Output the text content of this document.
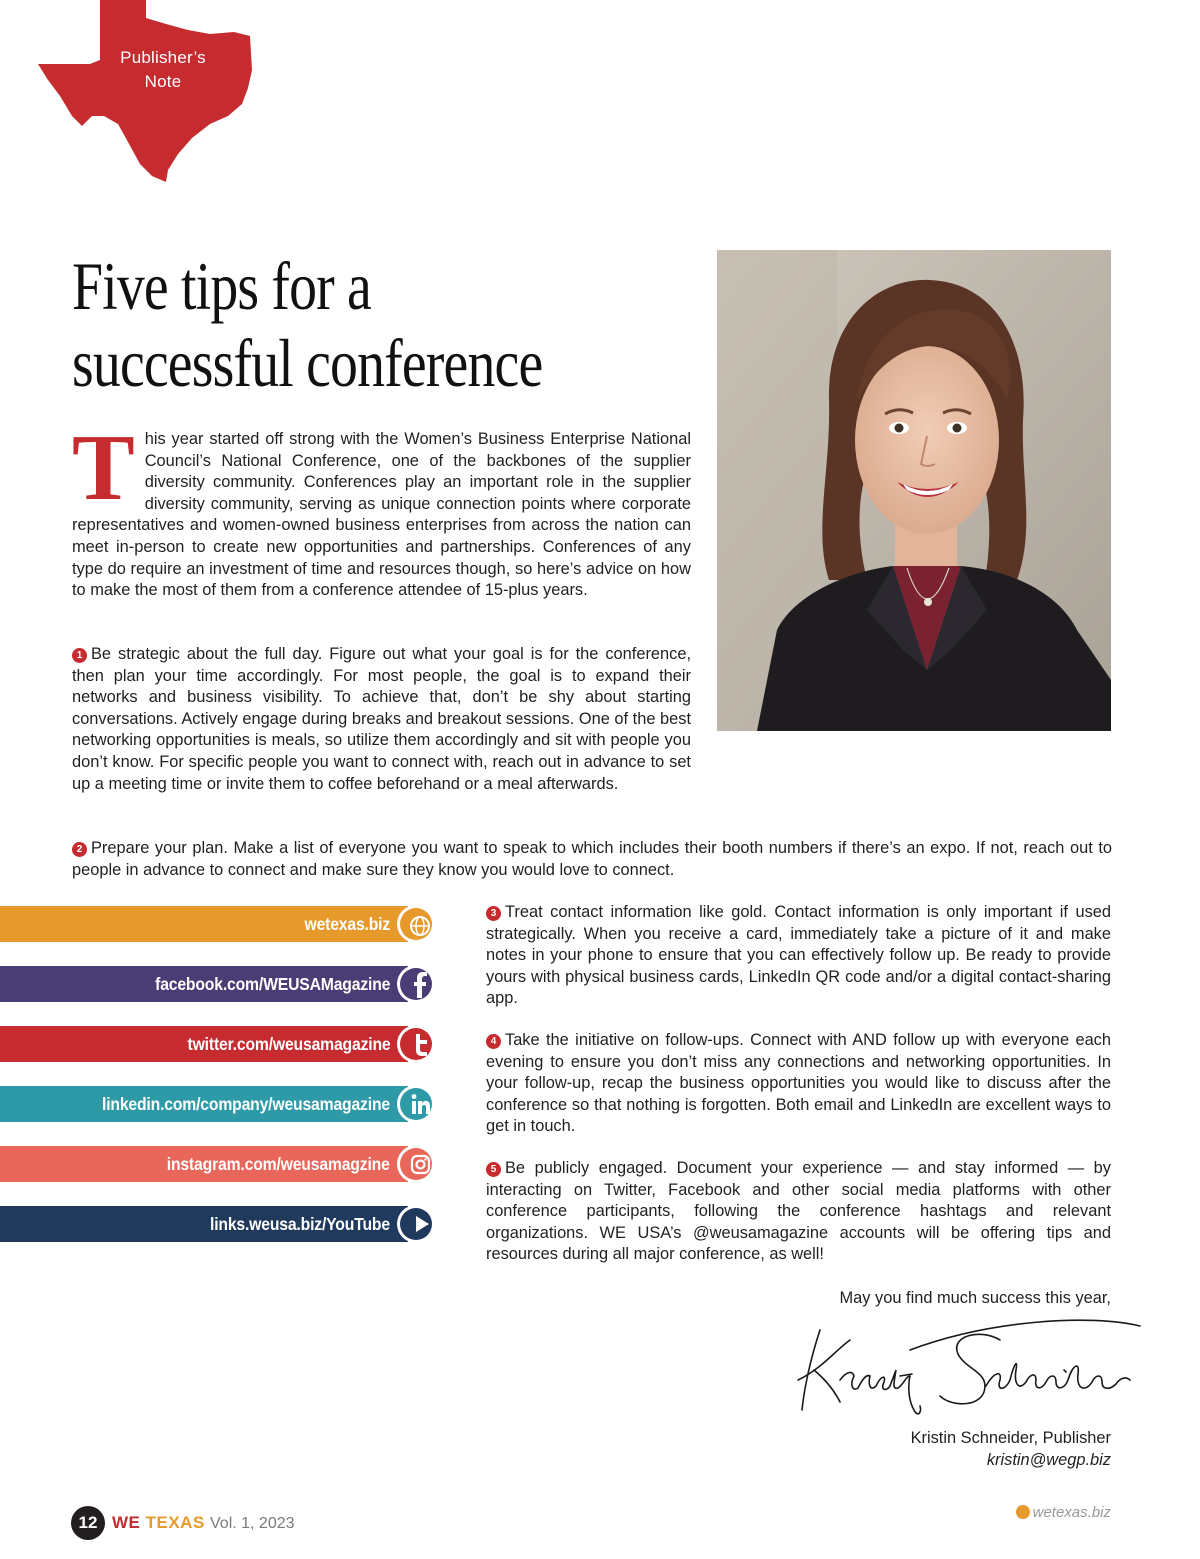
Publisher’s
Note
Five tips for a
successful conference
This year started off strong with the Women’s Business Enterprise National Council’s National Conference, one of the backbones of the supplier diversity community. Conferences play an important role in the supplier diversity community, serving as unique connection points where corporate representatives and women-owned business enterprises from across the nation can meet in-person to create new opportunities and partnerships. Conferences of any type do require an investment of time and resources though, so here’s advice on how to make the most of them from a conference attendee of 15-plus years.

1 Be strategic about the full day. Figure out what your goal is for the conference, then plan your time accordingly. For most people, the goal is to expand their networks and business visibility. To achieve that, don’t be shy about starting conversations. Actively engage during breaks and breakout sessions. One of the best networking opportunities is meals, so utilize them accordingly and sit with people you don’t know. For specific people you want to connect with, reach out in advance to set up a meeting time or invite them to coffee beforehand or a meal afterwards.

2 Prepare your plan. Make a list of everyone you want to speak to which includes their booth numbers if there’s an expo. If not, reach out to people in advance to connect and make sure they know you would love to connect.

wetexas.biz
facebook.com/WEUSAMagazine
twitter.com/weusamagazine
linkedin.com/company/weusamagazine
instagram.com/weusamagzine
links.weusa.biz/YouTube

3 Treat contact information like gold. Contact information is only important if used strategically. When you receive a card, immediately take a picture of it and make notes in your phone to ensure that you can effectively follow up. Be ready to provide yours with physical business cards, LinkedIn QR code and/or a digital contact-sharing app.

4 Take the initiative on follow-ups. Connect with AND follow up with everyone each evening to ensure you don’t miss any connections and networking opportunities. In your follow-up, recap the business opportunities you would like to discuss after the conference so that nothing is forgotten. Both email and LinkedIn are excellent ways to get in touch.

5 Be publicly engaged. Document your experience — and stay informed — by interacting on Twitter, Facebook and other social media platforms with other conference participants, following the conference hashtags and relevant organizations. WE USA’s @weusamagazine accounts will be offering tips and resources during all major conference, as well!

May you find much success this year,
Kristin Schneider, Publisher
kristin@wegp.biz
12 WE TEXAS Vol. 1, 2023
wetexas.biz
